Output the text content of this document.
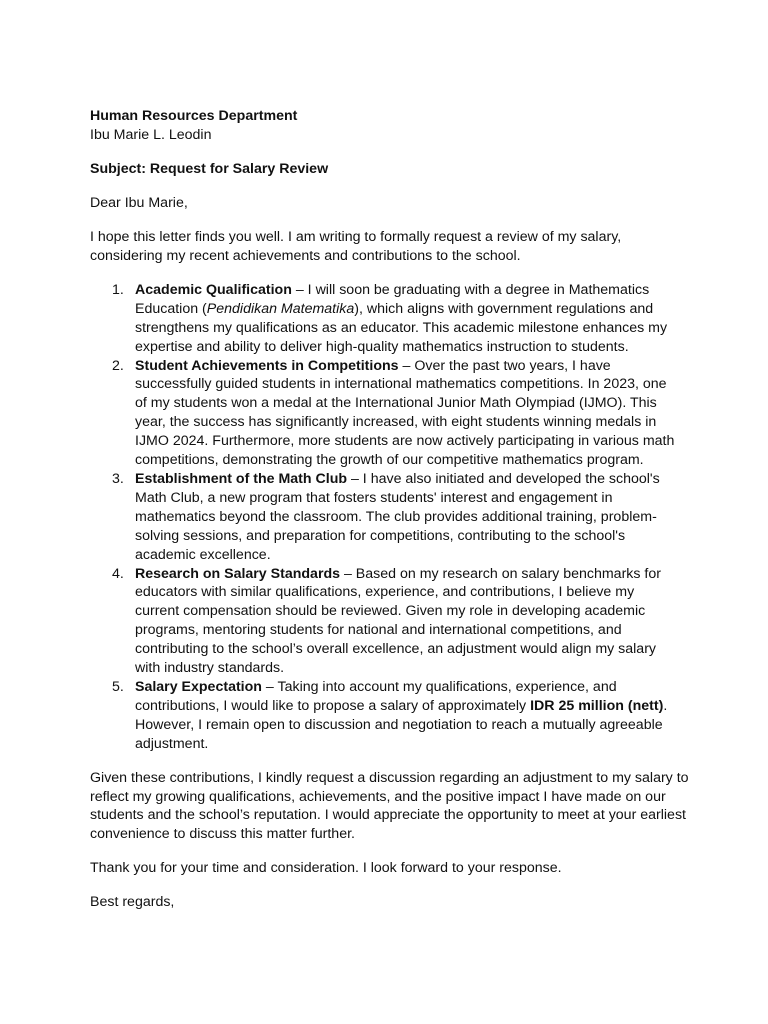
Human Resources Department

Ibu Marie L. Leodin

Subject: Request for Salary Review

Dear Ibu Marie,

I hope this letter finds you well. I am writing to formally request a review of my salary, considering my recent achievements and contributions to the school.

1. Academic Qualification – I will soon be graduating with a degree in Mathematics Education (Pendidikan Matematika), which aligns with government regulations and strengthens my qualifications as an educator. This academic milestone enhances my expertise and ability to deliver high-quality mathematics instruction to students.
2. Student Achievements in Competitions – Over the past two years, I have successfully guided students in international mathematics competitions. In 2023, one of my students won a medal at the International Junior Math Olympiad (IJMO). This year, the success has significantly increased, with eight students winning medals in IJMO 2024. Furthermore, more students are now actively participating in various math competitions, demonstrating the growth of our competitive mathematics program.
3. Establishment of the Math Club – I have also initiated and developed the school's Math Club, a new program that fosters students' interest and engagement in mathematics beyond the classroom. The club provides additional training, problem-solving sessions, and preparation for competitions, contributing to the school's academic excellence.
4. Research on Salary Standards – Based on my research on salary benchmarks for educators with similar qualifications, experience, and contributions, I believe my current compensation should be reviewed. Given my role in developing academic programs, mentoring students for national and international competitions, and contributing to the school’s overall excellence, an adjustment would align my salary with industry standards.
5. Salary Expectation – Taking into account my qualifications, experience, and contributions, I would like to propose a salary of approximately IDR 25 million (nett). However, I remain open to discussion and negotiation to reach a mutually agreeable adjustment.

Given these contributions, I kindly request a discussion regarding an adjustment to my salary to reflect my growing qualifications, achievements, and the positive impact I have made on our students and the school’s reputation. I would appreciate the opportunity to meet at your earliest convenience to discuss this matter further.

Thank you for your time and consideration. I look forward to your response.

Best regards,
